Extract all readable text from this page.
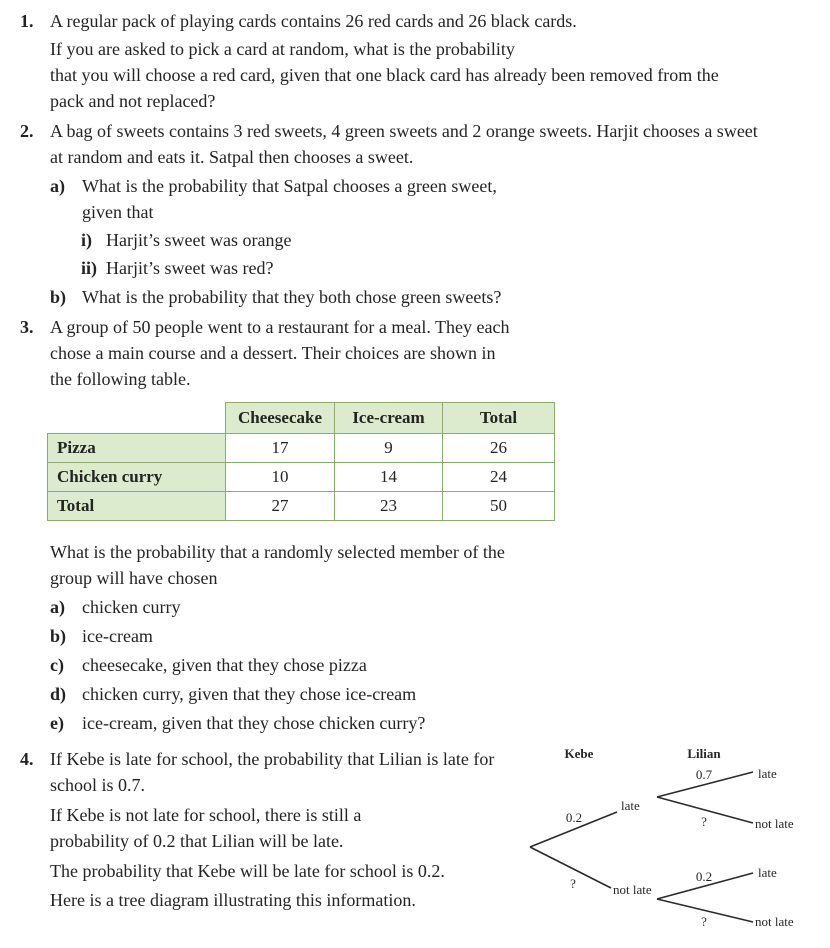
1. A regular pack of playing cards contains 26 red cards and 26 black cards.
If you are asked to pick a card at random, what is the probability
that you will choose a red card, given that one black card has already been removed from the
pack and not replaced?
2. A bag of sweets contains 3 red sweets, 4 green sweets and 2 orange sweets. Harjit chooses a sweet
at random and eats it. Satpal then chooses a sweet.
a) What is the probability that Satpal chooses a green sweet,
given that
i) Harjit’s sweet was orange
ii) Harjit’s sweet was red?
b) What is the probability that they both chose green sweets?
3. A group of 50 people went to a restaurant for a meal. They each
chose a main course and a dessert. Their choices are shown in
the following table.
	Cheesecake	Ice-cream	Total
Pizza	17	9	26
Chicken curry	10	14	24
Total	27	23	50
What is the probability that a randomly selected member of the
group will have chosen
a) chicken curry
b) ice-cream
c)	cheesecake, given that they chose pizza
d) chicken curry, given that they chose ice-cream
e)	ice-cream, given that they chose chicken curry?
4. If Kebe is late for school, the probability that Lilian is late for
school is 0.7.
If Kebe is not late for school, there is still a
probability of 0.2 that Lilian will be late.
The probability that Kebe will be late for school is 0.2.
Here is a tree diagram illustrating this information.
Kebe	Lilian
0.2
late
?	not late
0.7	late
?	not late
0.2	late
?	not late
